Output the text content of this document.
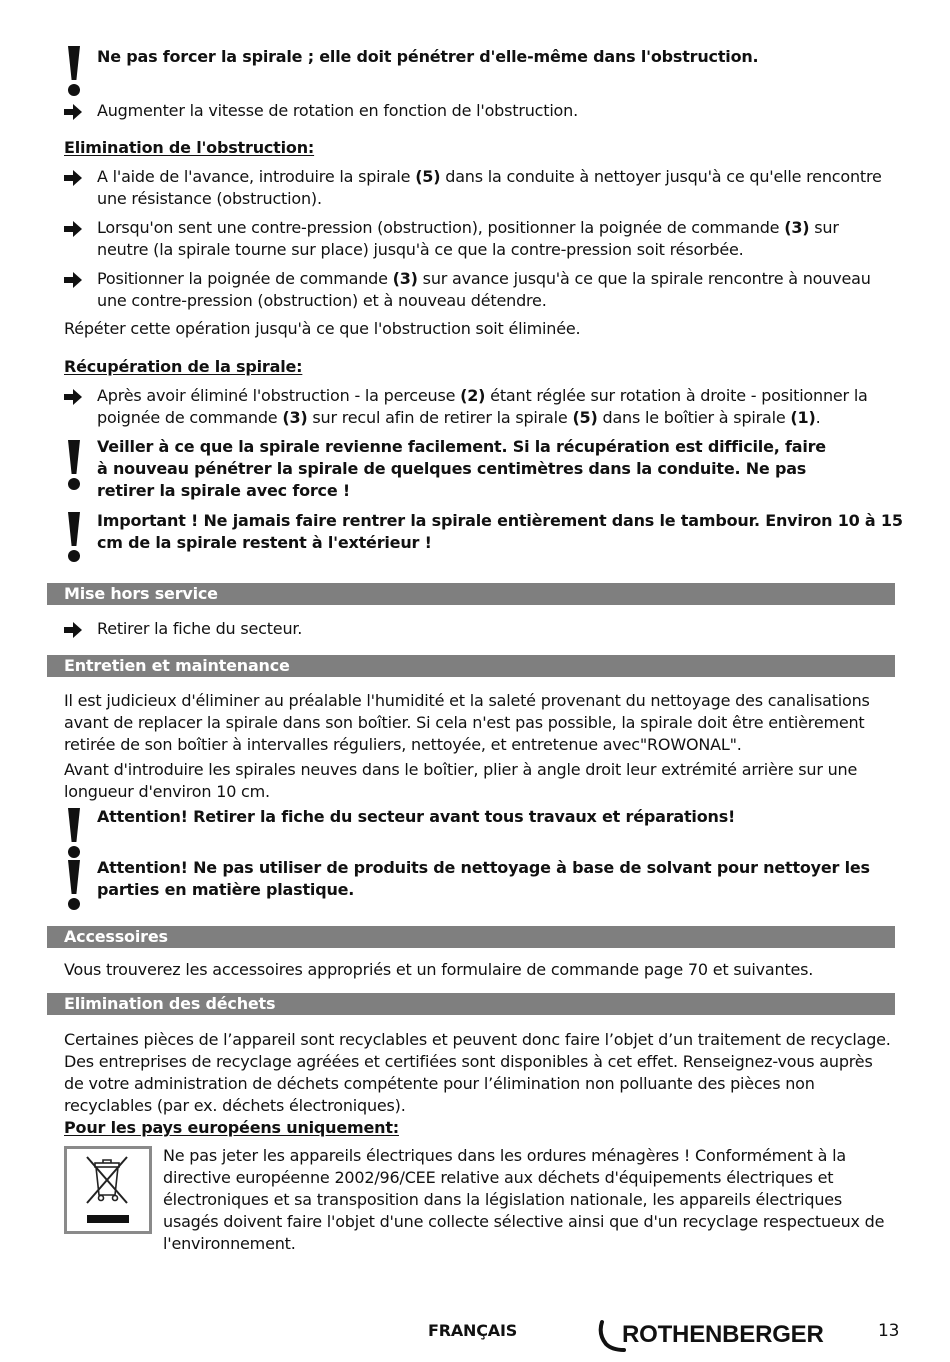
Ne pas forcer la spirale ; elle doit pénétrer d'elle-même dans l'obstruction.
Augmenter la vitesse de rotation en fonction de l'obstruction.
Elimination de l'obstruction:
A l'aide de l'avance, introduire la spirale (5) dans la conduite à nettoyer jusqu'à ce qu'elle rencontre
une résistance (obstruction).
Lorsqu'on sent une contre-pression (obstruction), positionner la poignée de commande (3) sur
neutre (la spirale tourne sur place) jusqu'à ce que la contre-pression soit résorbée.
Positionner la poignée de commande (3) sur avance jusqu'à ce que la spirale rencontre à nouveau
une contre-pression (obstruction) et à nouveau détendre.
Répéter cette opération jusqu'à ce que l'obstruction soit éliminée.
Récupération de la spirale:
Après avoir éliminé l'obstruction - la perceuse (2) étant réglée sur rotation à droite - positionner la
poignée de commande (3) sur recul afin de retirer la spirale (5) dans le boîtier à spirale (1).
Veiller à ce que la spirale revienne facilement. Si la récupération est difficile, faire
à nouveau pénétrer la spirale de quelques centimètres dans la conduite. Ne pas
retirer la spirale avec force !
Important ! Ne jamais faire rentrer la spirale entièrement dans le tambour. Environ 10 à 15
cm de la spirale restent à l'extérieur !
Mise hors service
Retirer la fiche du secteur.
Entretien et maintenance
Il est judicieux d'éliminer au préalable l'humidité et la saleté provenant du nettoyage des canalisations
avant de replacer la spirale dans son boîtier. Si cela n'est pas possible, la spirale doit être entièrement
retirée de son boîtier à intervalles réguliers, nettoyée, et entretenue avec"ROWONAL".
Avant d'introduire les spirales neuves dans le boîtier, plier à angle droit leur extrémité arrière sur une
longueur d'environ 10 cm.
Attention! Retirer la fiche du secteur avant tous travaux et réparations!
Attention! Ne pas utiliser de produits de nettoyage à base de solvant pour nettoyer les
parties en matière plastique.
Accessoires
Vous trouverez les accessoires appropriés et un formulaire de commande page 70 et suivantes.
Elimination des déchets
Certaines pièces de l’appareil sont recyclables et peuvent donc faire l’objet d’un traitement de recyclage.
Des entreprises de recyclage agréées et certifiées sont disponibles à cet effet. Renseignez-vous auprès
de votre administration de déchets compétente pour l’élimination non polluante des pièces non
recyclables (par ex. déchets électroniques).
Pour les pays européens uniquement:
Ne pas jeter les appareils électriques dans les ordures ménagères ! Conformément à la
directive européenne 2002/96/CEE relative aux déchets d'équipements électriques et
électroniques et sa transposition dans la législation nationale, les appareils électriques
usagés doivent faire l'objet d'une collecte sélective ainsi que d'un recyclage respectueux de
l'environnement.
FRANÇAIS	ROTHENBERGER	13
